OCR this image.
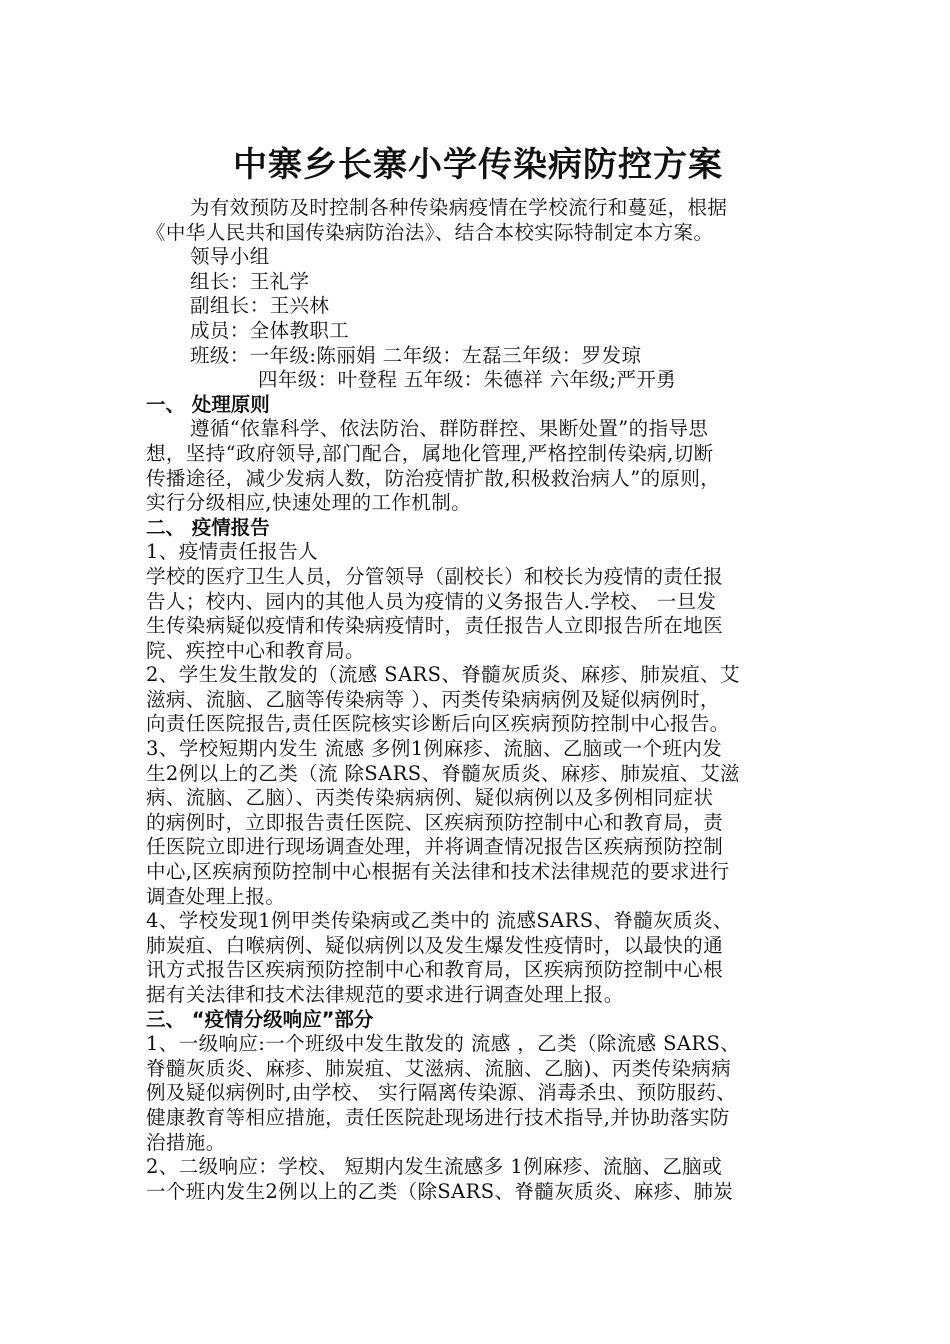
中寨乡长寨小学传染病防控方案

为有效预防及时控制各种传染病疫情在学校流行和蔓延，根据

《中华人民共和国传染病防治法》、结合本校实际特制定本方案。

领导小组

组长：王礼学

副组长：王兴林

成员：全体教职工

班级：一年级:陈丽娟 二年级：左磊三年级：罗发琼

四年级：叶登程 五年级：朱德祥 六年级;严开勇

一、 处理原则

遵循“依靠科学、依法防治、群防群控、果断处置”的指导思

想，坚持“政府领导,部门配合，属地化管理,严格控制传染病,切断

传播途径，减少发病人数，防治疫情扩散,积极救治病人”的原则，

实行分级相应,快速处理的工作机制。

二、 疫情报告

1、疫情责任报告人

学校的医疗卫生人员，分管领导（副校长）和校长为疫情的责任报

告人；校内、园内的其他人员为疫情的义务报告人.学校、 一旦发

生传染病疑似疫情和传染病疫情时，责任报告人立即报告所在地医

院、疾控中心和教育局。

2、学生发生散发的（流感 SARS、脊髓灰质炎、麻疹、肺炭疽、艾

滋病、流脑、乙脑等传染病等 ）、丙类传染病病例及疑似病例时，

向责任医院报告,责任医院核实诊断后向区疾病预防控制中心报告。

3、学校短期内发生 流感 多例1例麻疹、流脑、乙脑或一个班内发

生2例以上的乙类（流 除SARS、脊髓灰质炎、麻疹、肺炭疽、艾滋

病、流脑、乙脑）、丙类传染病病例、疑似病例以及多例相同症状

的病例时，立即报告责任医院、区疾病预防控制中心和教育局，责

任医院立即进行现场调查处理，并将调查情况报告区疾病预防控制

中心,区疾病预防控制中心根据有关法律和技术法律规范的要求进行

调查处理上报。

4、学校发现1例甲类传染病或乙类中的 流感SARS、脊髓灰质炎、

肺炭疽、白喉病例、疑似病例以及发生爆发性疫情时，以最快的通

讯方式报告区疾病预防控制中心和教育局，区疾病预防控制中心根

据有关法律和技术法律规范的要求进行调查处理上报。

三、 “疫情分级响应”部分

1、一级响应:一个班级中发生散发的 流感 ，乙类（除流感 SARS、

脊髓灰质炎、麻疹、肺炭疽、艾滋病、流脑、乙脑)、丙类传染病病

例及疑似病例时,由学校、 实行隔离传染源、消毒杀虫、预防服药、

健康教育等相应措施，责任医院赴现场进行技术指导,并协助落实防

治措施。

2、二级响应：学校、 短期内发生流感多 1例麻疹、流脑、乙脑或

一个班内发生2例以上的乙类（除SARS、脊髓灰质炎、麻疹、肺炭
